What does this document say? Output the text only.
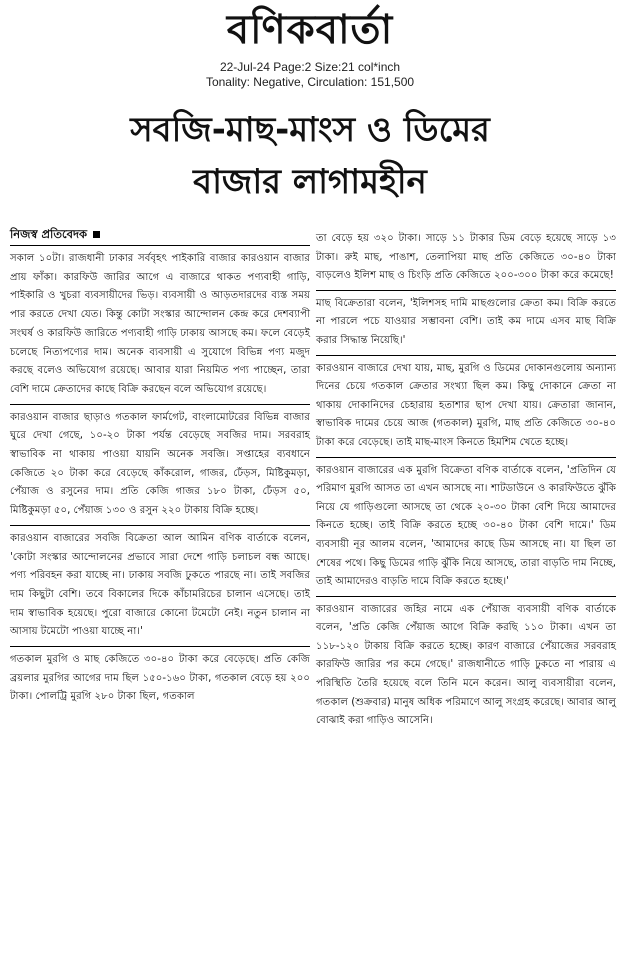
বণিকবার্তা
22-Jul-24 Page:2 Size:21 col*inch
Tonality: Negative, Circulation: 151,500
সবজি-মাছ-মাংস ও ডিমের
বাজার লাগামহীন
নিজস্ব প্রতিবেদক

সকাল ১০টা। রাজধানী ঢাকার সর্ববৃহৎ পাইকারি বাজার কারওয়ান বাজার প্রায় ফাঁকা। কারফিউ জারির আগে এ বাজারে থাকত পণ্যবাহী গাড়ি, পাইকারি ও খুচরা ব্যবসায়ীদের ভিড়। ব্যবসায়ী ও আড়তদারদের ব্যস্ত সময় পার করতে দেখা যেত। কিন্তু কোটা সংস্কার আন্দোলন কেন্দ্র করে দেশব্যাপী সংঘর্ষ ও কারফিউ জারিতে পণ্যবাহী গাড়ি ঢাকায় আসছে কম। ফলে বেড়েই চলেছে নিত্যপণ্যের দাম। অনেক ব্যবসায়ী এ সুযোগে বিভিন্ন পণ্য মজুদ করছে বলেও অভিযোগ রয়েছে। আবার যারা নিয়মিত পণ্য পাচ্ছেন, তারা বেশি দামে ক্রেতাদের কাছে বিক্রি করছেন বলে অভিযোগ রয়েছে।

কারওয়ান বাজার ছাড়াও গতকাল ফার্মগেট, বাংলামোটরের বিভিন্ন বাজার ঘুরে দেখা গেছে, ১০-২০ টাকা পর্যন্ত বেড়েছে সবজির দাম। সরবরাহ স্বাভাবিক না থাকায় পাওয়া যায়নি অনেক সবজি। সপ্তাহের ব্যবধানে কেজিতে ২০ টাকা করে বেড়েছে কাঁকরোল, গাজর, ঢেঁড়স, মিষ্টিকুমড়া, পেঁয়াজ ও রসুনের দাম। প্রতি কেজি গাজর ১৮০ টাকা, ঢেঁড়স ৫০, মিষ্টিকুমড়া ৫০, পেঁয়াজ ১৩০ ও রসুন ২২০ টাকায় বিক্রি হচ্ছে।

কারওয়ান বাজারের সবজি বিক্রেতা আল আমিন বণিক বার্তাকে বলেন, 'কোটা সংস্কার আন্দোলনের প্রভাবে সারা দেশে গাড়ি চলাচল বন্ধ আছে। পণ্য পরিবহন করা যাচ্ছে না। ঢাকায় সবজি ঢুকতে পারছে না। তাই সবজির দাম কিছুটা বেশি। তবে বিকালের দিকে কাঁচামরিচের চালান এসেছে। তাই দাম স্বাভাবিক হয়েছে। পুরো বাজারে কোনো টমেটো নেই। নতুন চালান না আসায় টমেটো পাওয়া যাচ্ছে না।'

গতকাল মুরগি ও মাছ কেজিতে ৩০-৪০ টাকা করে বেড়েছে। প্রতি কেজি ব্রয়লার মুরগির আগের দাম ছিল ১৫০-১৬০ টাকা, গতকাল বেড়ে হয় ২০০ টাকা। পোলট্রি মুরগি ২৮০ টাকা ছিল, গতকাল

তা বেড়ে হয় ৩২০ টাকা। সাড়ে ১১ টাকার ডিম বেড়ে হয়েছে সাড়ে ১৩ টাকা। রুই মাছ, পাঙাশ, তেলাপিয়া মাছ প্রতি কেজিতে ৩০-৪০ টাকা বাড়লেও ইলিশ মাছ ও চিংড়ি প্রতি কেজিতে ২০০-৩০০ টাকা করে কমেছে!

মাছ বিক্রেতারা বলেন, 'ইলিশসহ দামি মাছগুলোর ক্রেতা কম। বিক্রি করতে না পারলে পচে যাওয়ার সম্ভাবনা বেশি। তাই কম দামে এসব মাছ বিক্রি করার সিদ্ধান্ত নিয়েছি।'

কারওয়ান বাজারে দেখা যায়, মাছ, মুরগি ও ডিমের দোকানগুলোয় অন্যান্য দিনের চেয়ে গতকাল ক্রেতার সংখ্যা ছিল কম। কিছু দোকানে ক্রেতা না থাকায় দোকানিদের চেহারায় হতাশার ছাপ দেখা যায়। ক্রেতারা জানান, স্বাভাবিক দামের চেয়ে আজ (গতকাল) মুরগি, মাছ প্রতি কেজিতে ৩০-৪০ টাকা করে বেড়েছে। তাই মাছ-মাংস কিনতে হিমশিম খেতে হচ্ছে।

কারওয়ান বাজারের এক মুরগি বিক্রেতা বণিক বার্তাকে বলেন, 'প্রতিদিন যে পরিমাণ মুরগি আসত তা এখন আসছে না। শাটডাউনে ও কারফিউতে ঝুঁকি নিয়ে যে গাড়িগুলো আসছে তা থেকে ২০-৩০ টাকা বেশি দিয়ে আমাদের কিনতে হচ্ছে। তাই বিক্রি করতে হচ্ছে ৩০-৪০ টাকা বেশি দামে।' ডিম ব্যবসায়ী নূর আলম বলেন, 'আমাদের কাছে ডিম আসছে না। যা ছিল তা শেষের পথে। কিছু ডিমের গাড়ি ঝুঁকি নিয়ে আসছে, তারা বাড়তি দাম নিচ্ছে, তাই আমাদেরও বাড়তি দামে বিক্রি করতে হচ্ছে।'

কারওয়ান বাজারের জহির নামে এক পেঁয়াজ ব্যবসায়ী বণিক বার্তাকে বলেন, 'প্রতি কেজি পেঁয়াজ আগে বিক্রি করছি ১১০ টাকা। এখন তা ১১৮-১২০ টাকায় বিক্রি করতে হচ্ছে। কারণ বাজারে পেঁয়াজের সরবরাহ কারফিউ জারির পর কমে গেছে।' রাজধানীতে গাড়ি ঢুকতে না পারায় এ পরিস্থিতি তৈরি হয়েছে বলে তিনি মনে করেন। আলু ব্যবসায়ীরা বলেন, গতকাল (শুক্রবার) মানুষ অধিক পরিমাণে আলু সংগ্রহ করেছে। আবার আলু বোঝাই করা গাড়িও আসেনি।
